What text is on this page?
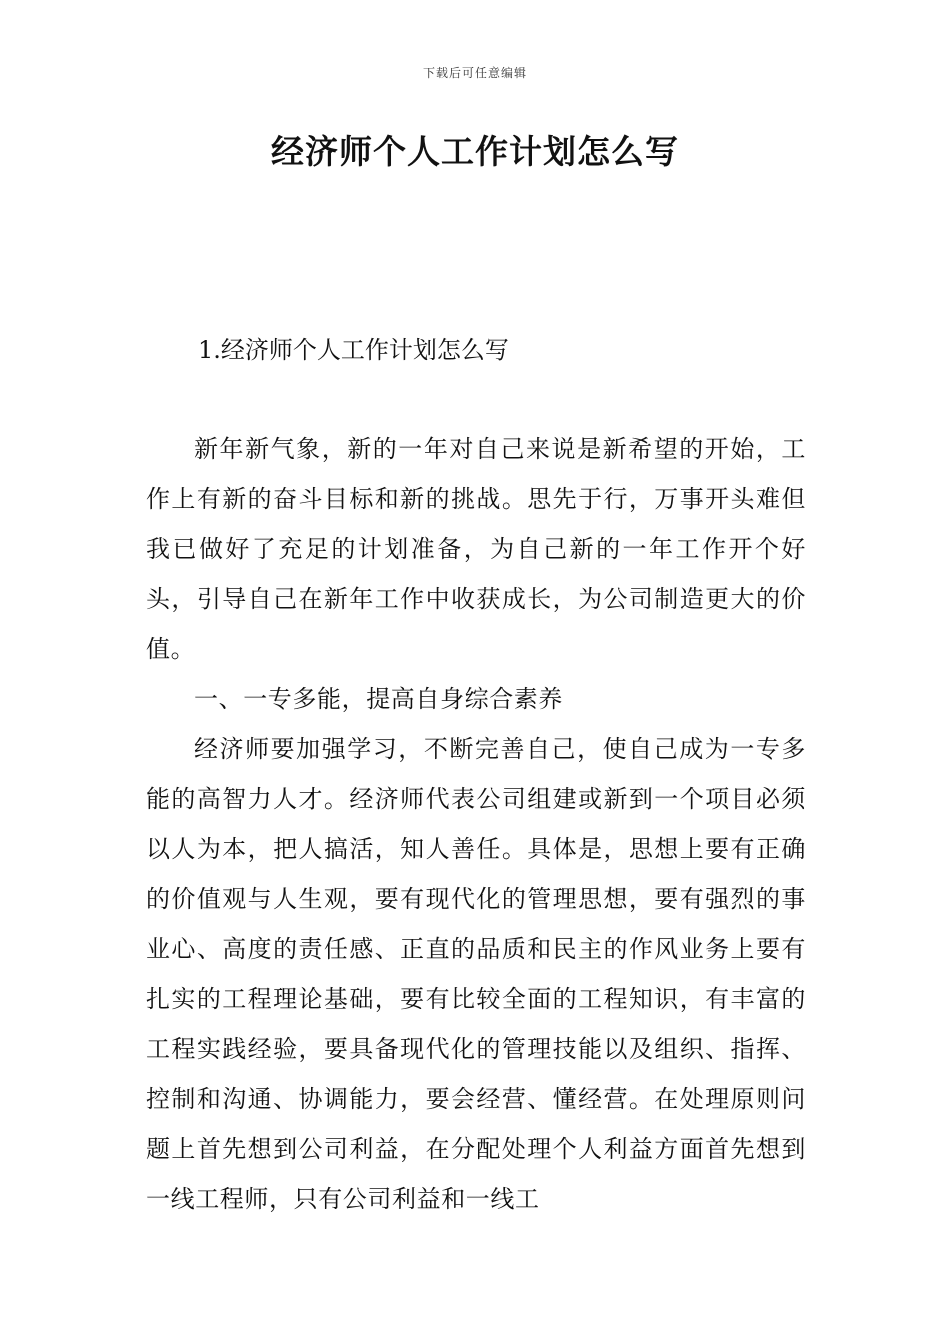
下载后可任意编辑
经济师个人工作计划怎么写
1.经济师个人工作计划怎么写

新年新气象，新的一年对自己来说是新希望的开始，工作上有新的奋斗目标和新的挑战。思先于行，万事开头难但我已做好了充足的计划准备，为自己新的一年工作开个好头，引导自己在新年工作中收获成长，为公司制造更大的价值。

一、一专多能，提高自身综合素养

经济师要加强学习，不断完善自己，使自己成为一专多能的高智力人才。经济师代表公司组建或新到一个项目必须以人为本，把人搞活，知人善任。具体是，思想上要有正确的价值观与人生观，要有现代化的管理思想，要有强烈的事业心、高度的责任感、正直的品质和民主的作风业务上要有扎实的工程理论基础，要有比较全面的工程知识，有丰富的工程实践经验，要具备现代化的管理技能以及组织、指挥、控制和沟通、协调能力，要会经营、懂经营。在处理原则问题上首先想到公司利益，在分配处理个人利益方面首先想到一线工程师，只有公司利益和一线工
